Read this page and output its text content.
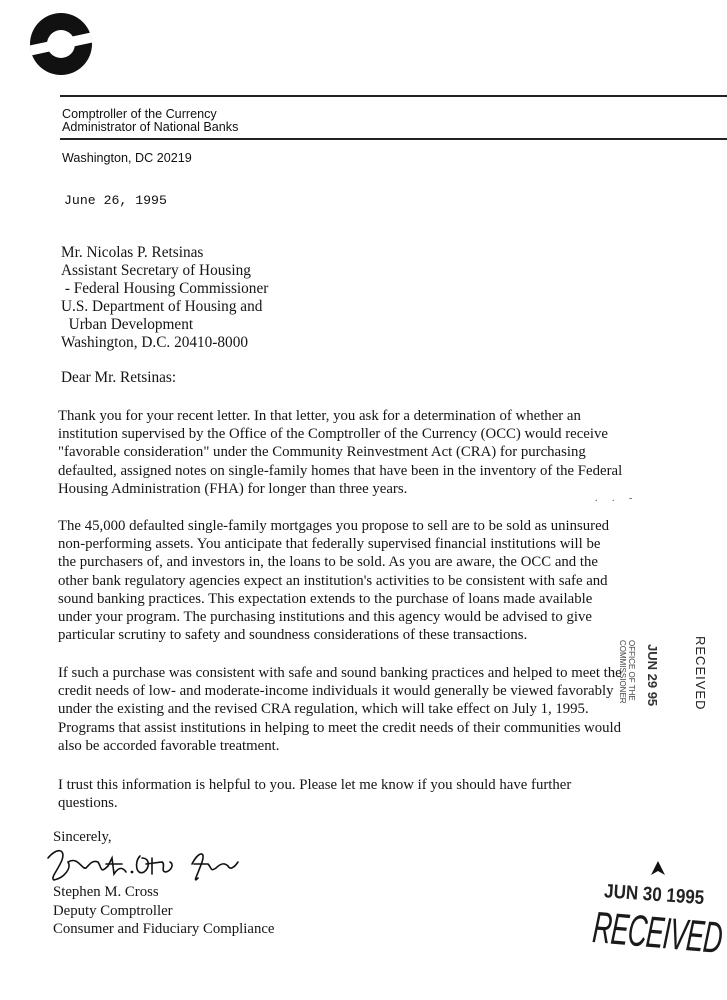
Comptroller of the Currency
Administrator of National Banks
Washington, DC 20219
June 26, 1995
Mr. Nicolas P. Retsinas
Assistant Secretary of Housing
- Federal Housing Commissioner
U.S. Department of Housing and
Urban Development
Washington, D.C. 20410-8000
Dear Mr. Retsinas:
Thank you for your recent letter. In that letter, you ask for a determination of whether an
institution supervised by the Office of the Comptroller of the Currency (OCC) would receive
"favorable consideration" under the Community Reinvestment Act (CRA) for purchasing
defaulted, assigned notes on single-family homes that have been in the inventory of the Federal
Housing Administration (FHA) for longer than three years.
. . -
The 45,000 defaulted single-family mortgages you propose to sell are to be sold as uninsured
non-performing assets. You anticipate that federally supervised financial institutions will be
the purchasers of, and investors in, the loans to be sold. As you are aware, the OCC and the
other bank regulatory agencies expect an institution's activities to be consistent with safe and
sound banking practices. This expectation extends to the purchase of loans made available
under your program. The purchasing institutions and this agency would be advised to give
particular scrutiny to safety and soundness considerations of these transactions.
If such a purchase was consistent with safe and sound banking practices and helped to meet the
credit needs of low- and moderate-income individuals it would generally be viewed favorably
under the existing and the revised CRA regulation, which will take effect on July 1, 1995.
Programs that assist institutions in helping to meet the credit needs of their communities would
also be accorded favorable treatment.
I trust this information is helpful to you. Please let me know if you should have further
questions.
Sincerely,
Stephen M. Cross
Deputy Comptroller
Consumer and Fiduciary Compliance
OFFICE OF THE COMMISSIONER	JUN 29 95	RECEIVED
JUN 30 1995
RECEIVED
